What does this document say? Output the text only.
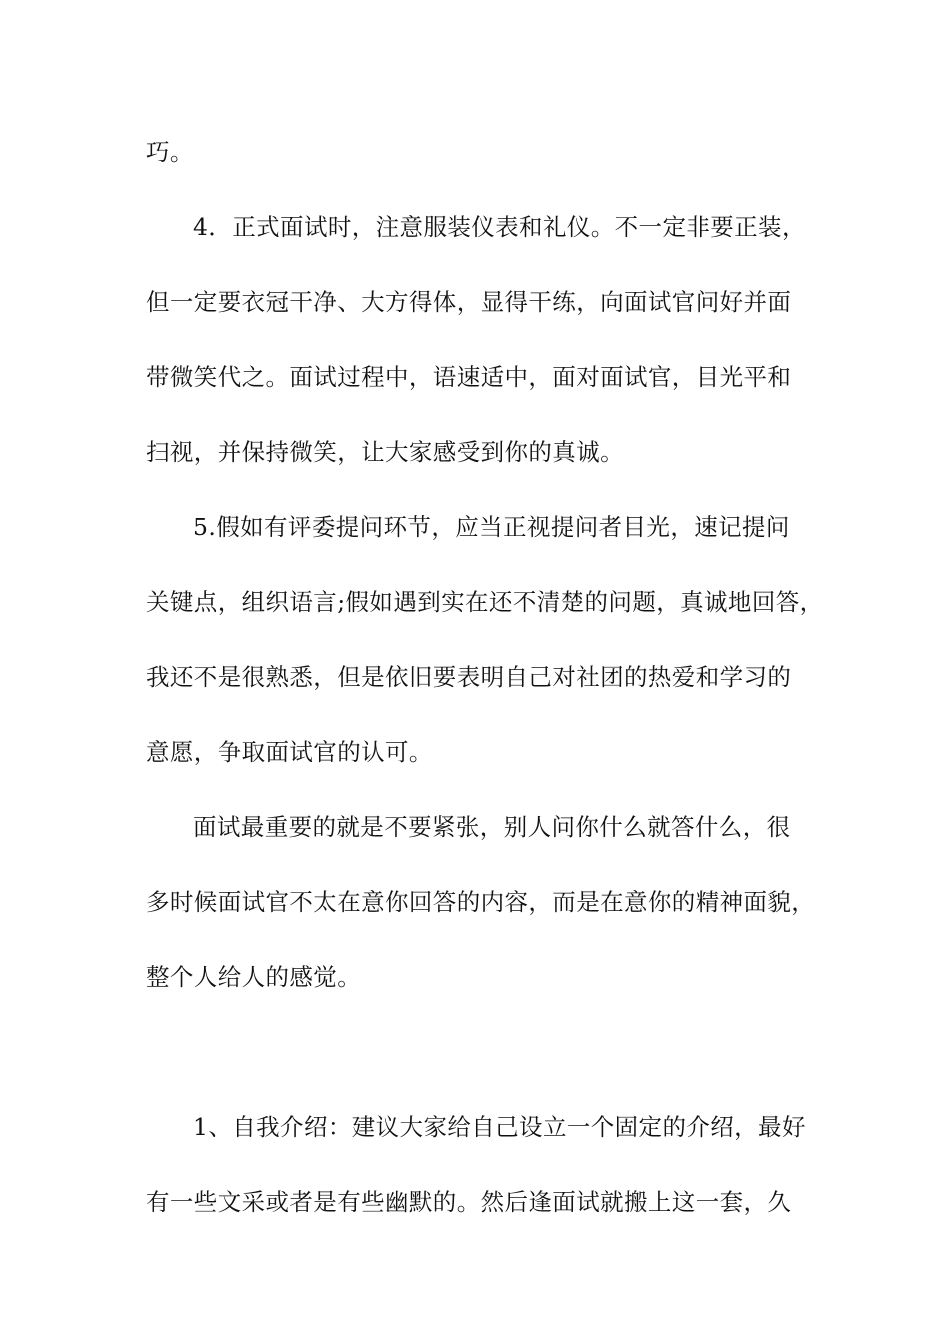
巧。
4．正式面试时，注意服装仪表和礼仪。不一定非要正装，
但一定要衣冠干净、大方得体，显得干练，向面试官问好并面
带微笑代之。面试过程中，语速适中，面对面试官，目光平和
扫视，并保持微笑，让大家感受到你的真诚。
5.假如有评委提问环节，应当正视提问者目光，速记提问
关键点，组织语言;假如遇到实在还不清楚的问题，真诚地回答，
我还不是很熟悉，但是依旧要表明自己对社团的热爱和学习的
意愿，争取面试官的认可。
面试最重要的就是不要紧张，别人问你什么就答什么，很
多时候面试官不太在意你回答的内容，而是在意你的精神面貌，
整个人给人的感觉。
1、自我介绍：建议大家给自己设立一个固定的介绍，最好
有一些文采或者是有些幽默的。然后逢面试就搬上这一套，久
